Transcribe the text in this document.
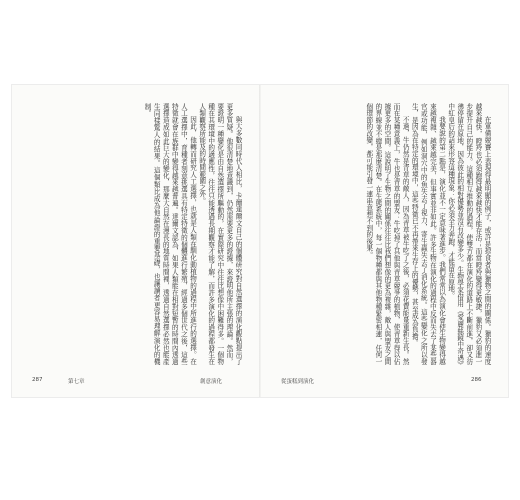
與大多數同時代人相比，卡爾達爾文自己的個體研究對自然選擇的演化觀點提出了更多質疑。他很清楚地意識到，仍然需要更多的證據，來證明他所主張的理論。然而，要證明一種變化是由自然選擇所驅動的，在實際研究中往往比想像中困難得多。一個物種在其環境中的適應性，往往只能透過長期觀察才能了解，而許多演化的過程都發生在人類觀察所能及的時間範圍之外。

因此，他轉而研究人工選擇，也就是人類在馴化動植物的過程中所進行的選擇。在人工選擇中，育種者刻意挑選具有特定特徵的個體進行繁殖，經過多個世代之後，這些特徵就會在族群中變得越來越普遍。達爾文認為，如果人類能在相對短暫的時間內透過選擇造成如此巨大的變化，那麼大自然在漫長的地質時間裡，透過自然選擇必然也能產生同樣驚人的結果。這個類比成為他論證的重要基礎，也讓讀者更容易理解演化的機制。

287	第七章	創意演化

在軍備競賽上表現得最明顯的例子，或許是掠食者與獵物之間的關係。獵豹的速度越來越快，瞪羚也必須跑得越來越快才能存活；而當瞪羚變得更敏捷，獵豹又必須進一步提升自己的能力。這種相互推動的過程，使雙方都在演化的道路上不斷前進，卻又彷彿停留在原地，因為彼此的相對優勢並沒有改變多少。生物學家借用《愛麗絲鏡中奇遇》中紅皇后的話來形容這種現象：你必須全力奔跑，才能留在原地。

我要說的第二點是，演化並不一定意味著進步。我們常常以為演化會使生物變得越來越複雜、越來越完美，但事實並非如此。許多生物在演化的過程中反而失去了某些器官或功能，例如洞穴中的魚失去了視力，寄生蟲失去了消化系統。這些變化之所以發生，是因為在特定的環境中，這些特徵已不再帶來生存上的優勢，甚至成為負擔。

不過，牛仍然是青草的敵人，因為青草被牛吃了之後，必須花費能量重新生長。然而在某種意義上，牛也是青草的盟友：牛吃掉了其他與青草競爭的植物，使青草得以佔據更多的空間。這說明了生物之間的關係往往比我們想像的更為複雜，敵人與盟友之間的界線並不總是那麼清楚。在生態系統中，每一個物種都與其他物種緊密相連，任何一個環節的改變，都可能引發一連串意想不到的後果。

從蛋糕到演化	286
